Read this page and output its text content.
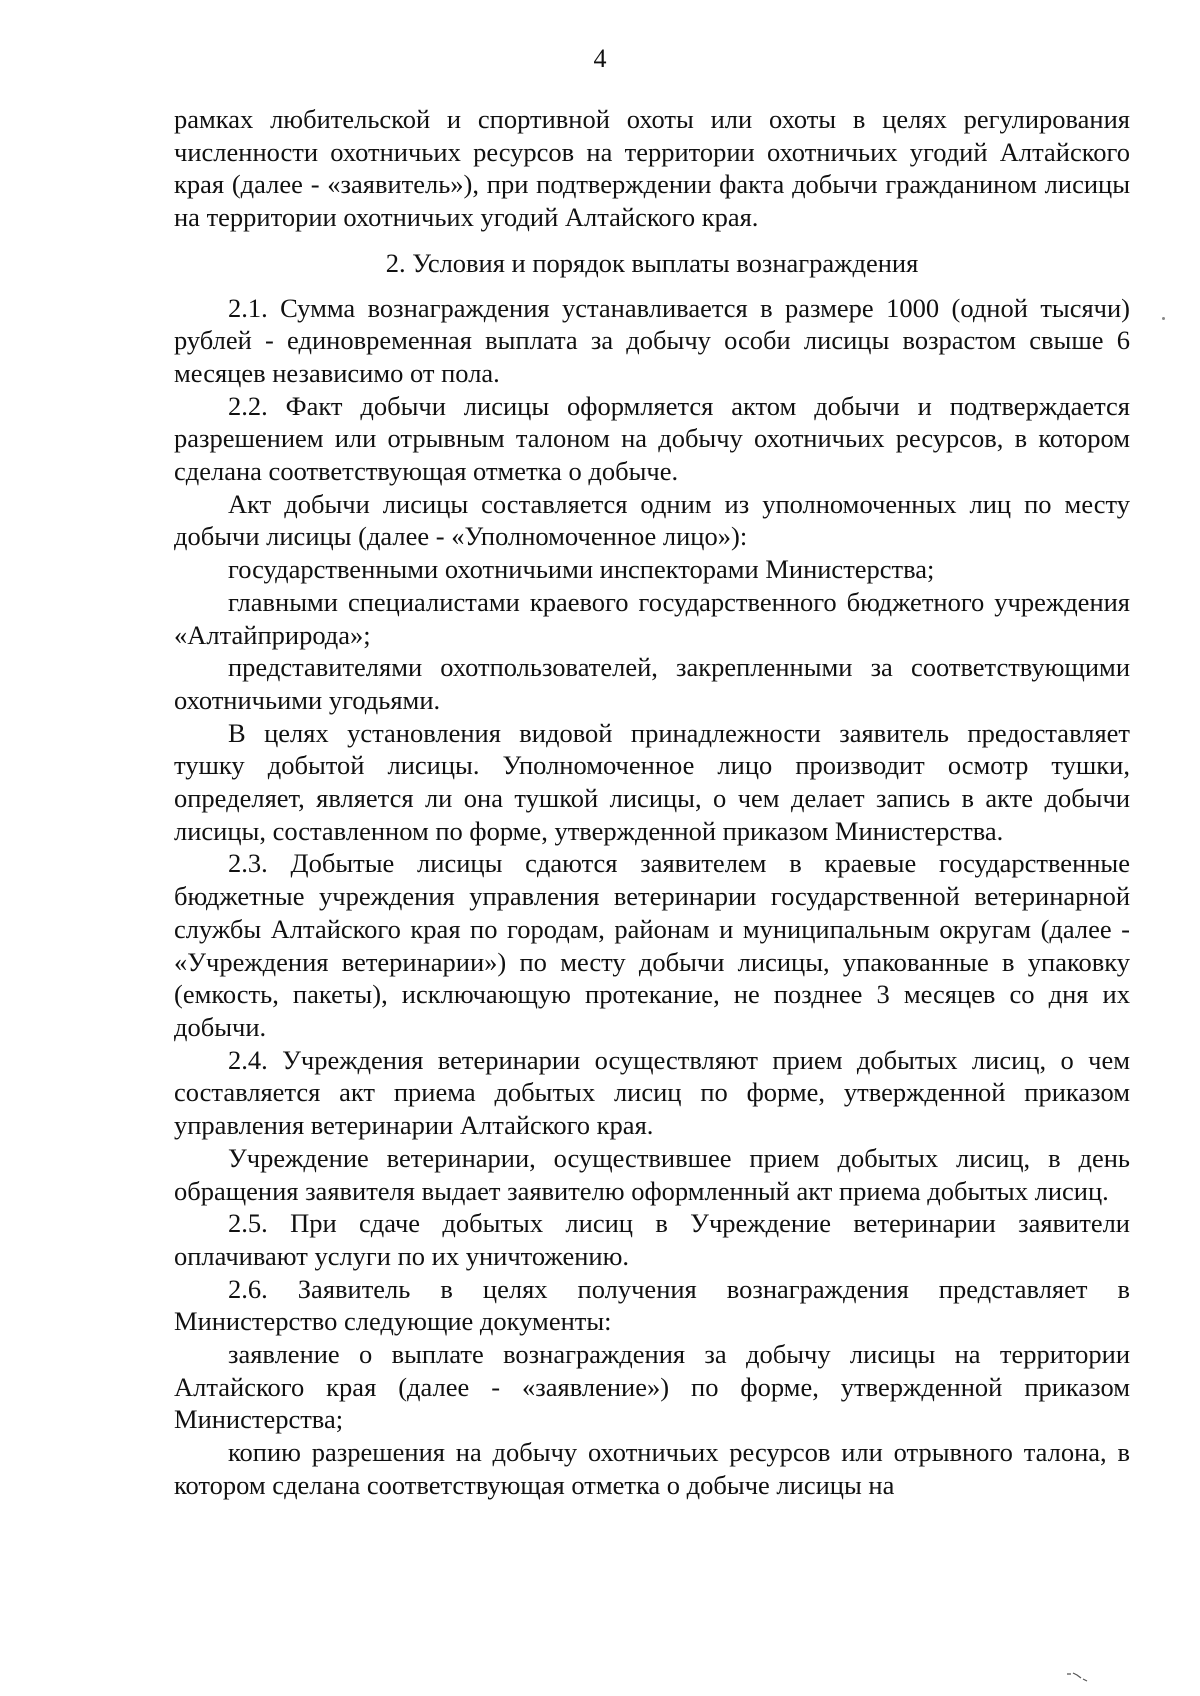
4

рамках любительской и спортивной охоты или охоты в целях регулирования численности охотничьих ресурсов на территории охотничьих угодий Алтайского края (далее - «заявитель»), при подтверждении факта добычи гражданином лисицы на территории охотничьих угодий Алтайского края.

2. Условия и порядок выплаты вознаграждения

2.1. Сумма вознаграждения устанавливается в размере 1000 (одной тысячи) рублей - единовременная выплата за добычу особи лисицы возрастом свыше 6 месяцев независимо от пола.

2.2. Факт добычи лисицы оформляется актом добычи и подтверждается разрешением или отрывным талоном на добычу охотничьих ресурсов, в котором сделана соответствующая отметка о добыче.

Акт добычи лисицы составляется одним из уполномоченных лиц по месту добычи лисицы (далее - «Уполномоченное лицо»):

государственными охотничьими инспекторами Министерства;

главными специалистами краевого государственного бюджетного учреждения «Алтайприрода»;

представителями охотпользователей, закрепленными за соответствующими охотничьими угодьями.

В целях установления видовой принадлежности заявитель предоставляет тушку добытой лисицы. Уполномоченное лицо производит осмотр тушки, определяет, является ли она тушкой лисицы, о чем делает запись в акте добычи лисицы, составленном по форме, утвержденной приказом Министерства.

2.3. Добытые лисицы сдаются заявителем в краевые государственные бюджетные учреждения управления ветеринарии государственной ветеринарной службы Алтайского края по городам, районам и муниципальным округам (далее - «Учреждения ветеринарии») по месту добычи лисицы, упакованные в упаковку (емкость, пакеты), исключающую протекание, не позднее 3 месяцев со дня их добычи.

2.4. Учреждения ветеринарии осуществляют прием добытых лисиц, о чем составляется акт приема добытых лисиц по форме, утвержденной приказом управления ветеринарии Алтайского края.

Учреждение ветеринарии, осуществившее прием добытых лисиц, в день обращения заявителя выдает заявителю оформленный акт приема добытых лисиц.

2.5. При сдаче добытых лисиц в Учреждение ветеринарии заявители оплачивают услуги по их уничтожению.

2.6. Заявитель в целях получения вознаграждения представляет в Министерство следующие документы:

заявление о выплате вознаграждения за добычу лисицы на территории Алтайского края (далее - «заявление») по форме, утвержденной приказом Министерства;

копию разрешения на добычу охотничьих ресурсов или отрывного талона, в котором сделана соответствующая отметка о добыче лисицы на
